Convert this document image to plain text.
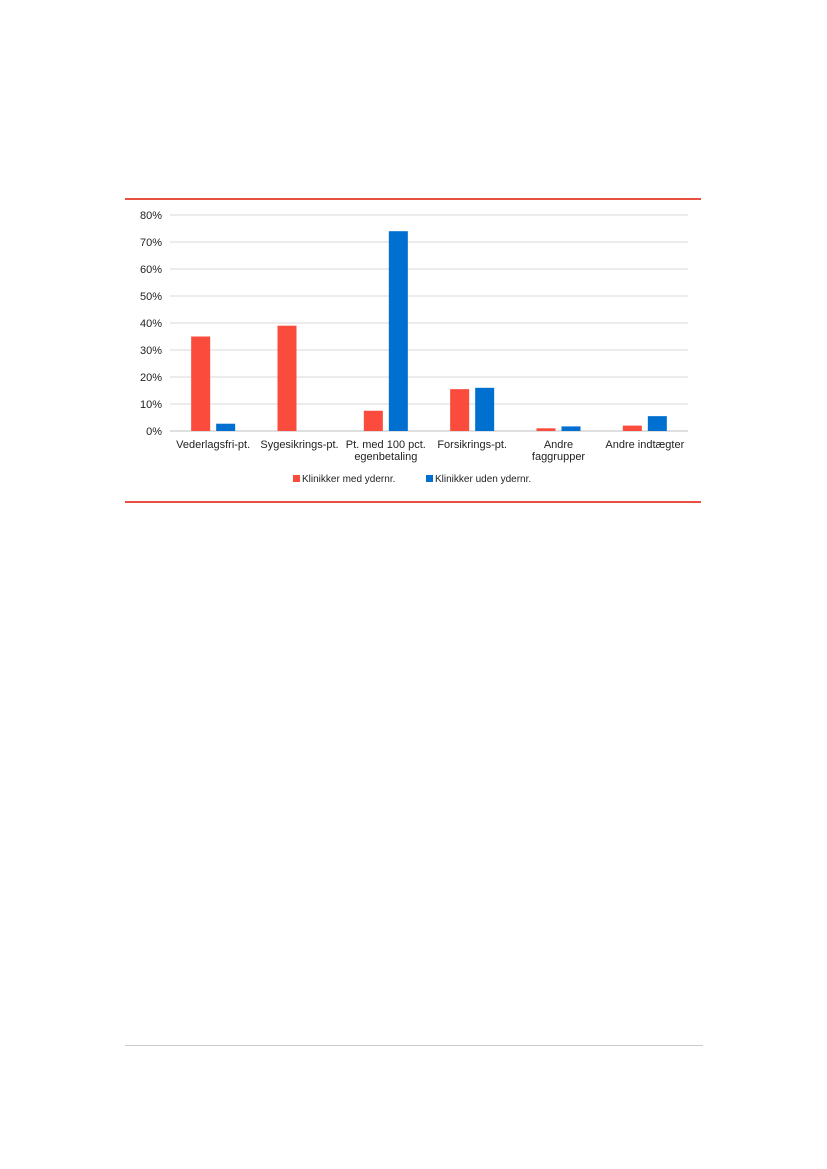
0%
10%
20%
30%
40%
50%
60%
70%
80%
Vederlagsfri-pt. Sygesikrings-pt. Pt. med 100 pct. egenbetaling
Forsikrings-pt.	Andre faggrupper
Andre indtægter
Klinikker med ydernr.	Klinikker uden ydernr.
